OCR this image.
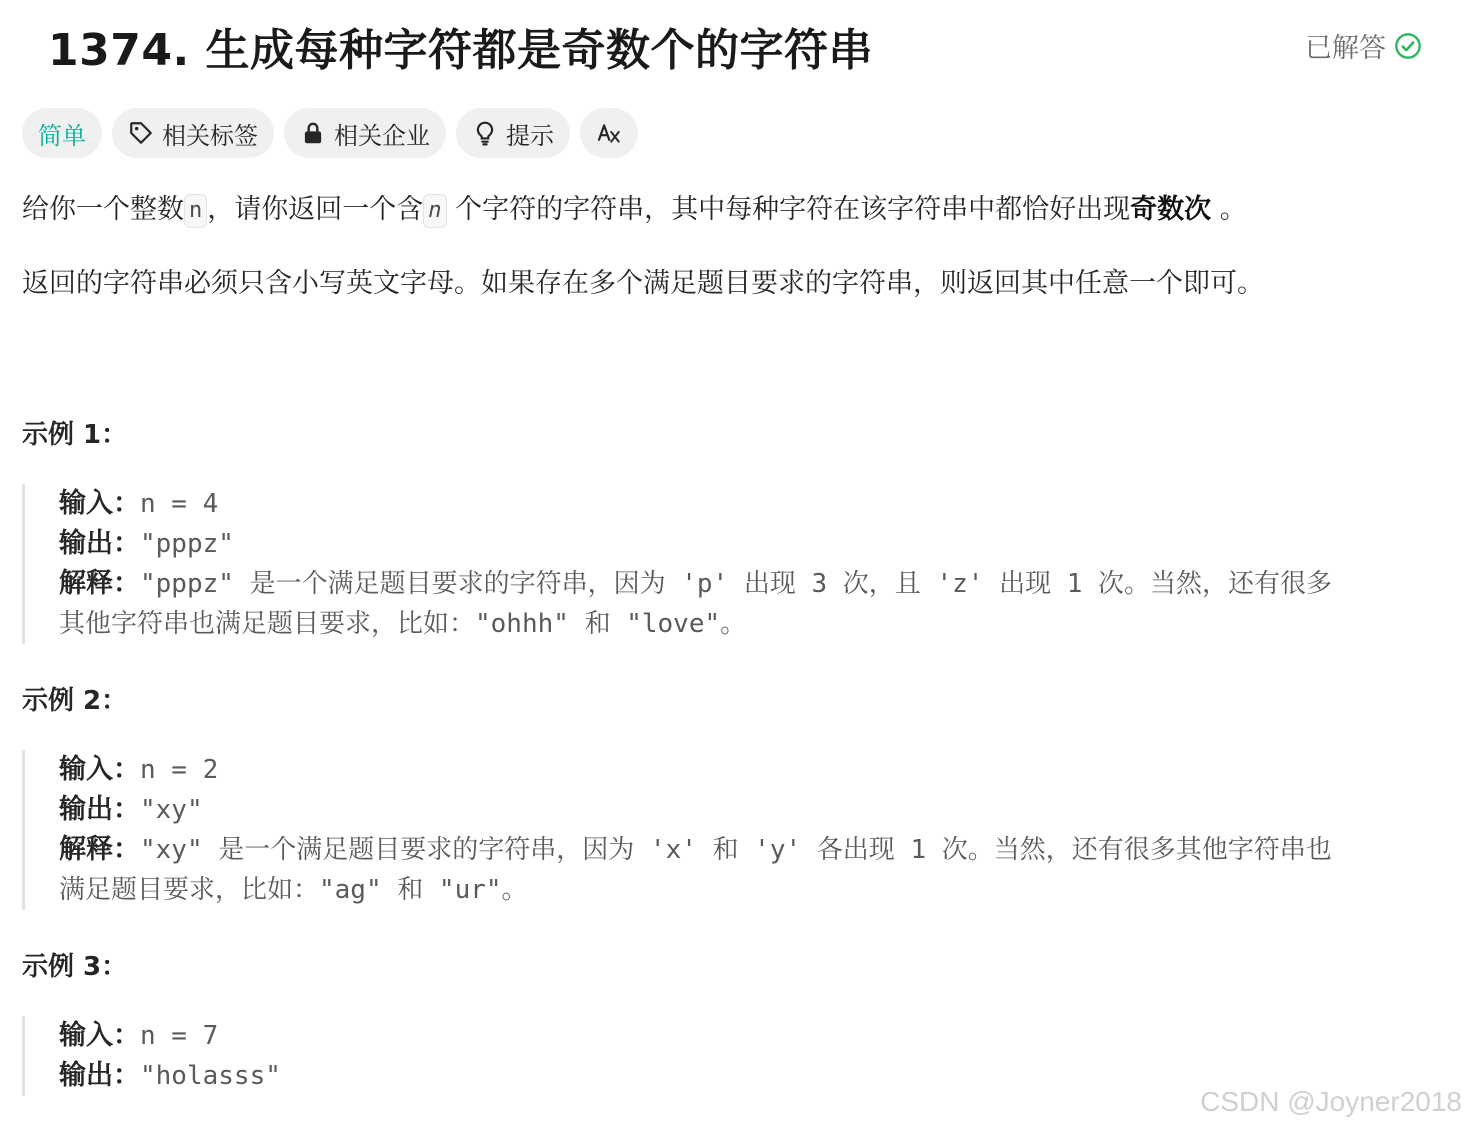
1374. 生成每种字符都是奇数个的字符串	已解答
简单	相关标签	相关企业	提示

给你一个整数 n ，请你返回一个含 n 个字符的字符串，其中每种字符在该字符串中都恰好出现奇数次 。

返回的字符串必须只含小写英文字母。如果存在多个满足题目要求的字符串，则返回其中任意一个即可。

示例 1：
输入：n = 4
输出："pppz"
解释："pppz" 是一个满足题目要求的字符串，因为 'p' 出现 3 次，且 'z' 出现 1 次。当然，还有很多
其他字符串也满足题目要求，比如："ohhh" 和 "love"。
示例 2：
输入：n = 2
输出："xy"
解释："xy" 是一个满足题目要求的字符串，因为 'x' 和 'y' 各出现 1 次。当然，还有很多其他字符串也
满足题目要求，比如："ag" 和 "ur"。
示例 3：
输入：n = 7
输出："holasss"
CSDN @Joyner2018
